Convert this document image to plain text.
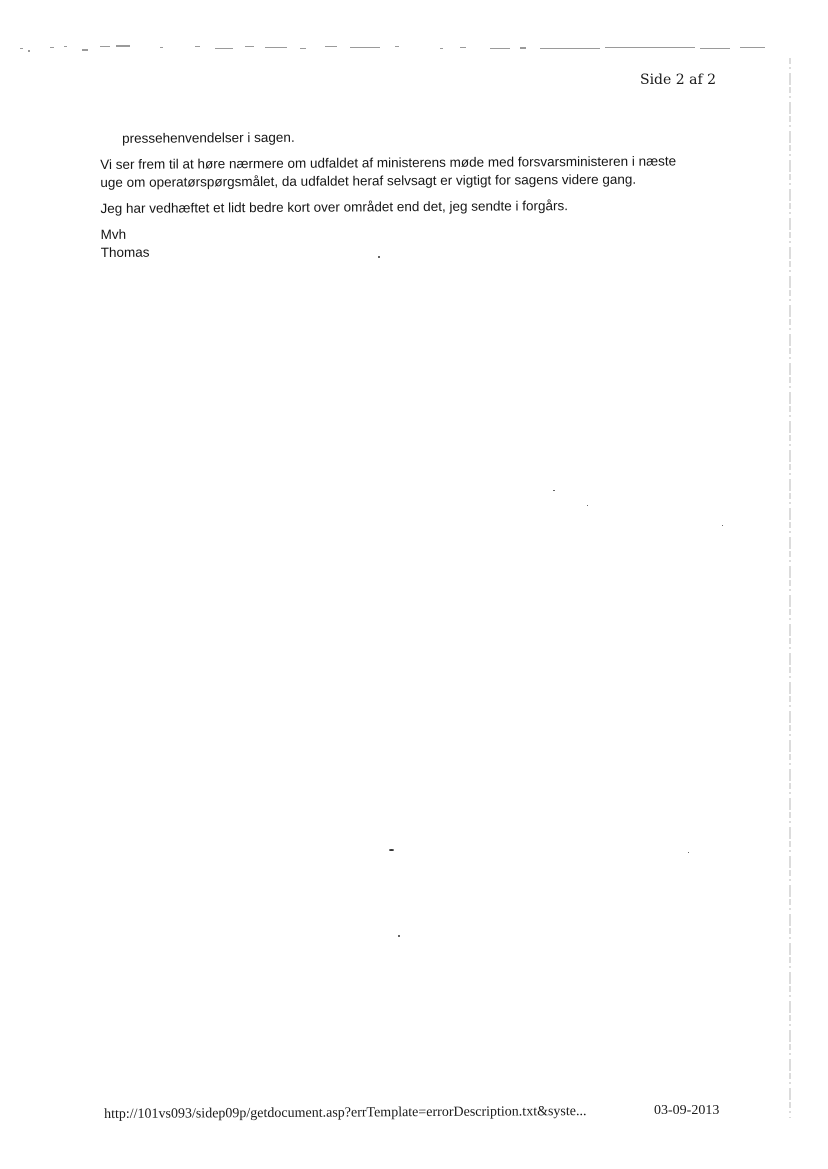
Side 2 af 2

pressehenvendelser i sagen.

Vi ser frem til at høre nærmere om udfaldet af ministerens møde med forsvarsministeren i næste
uge om operatørspørgsmålet, da udfaldet heraf selvsagt er vigtigt for sagens videre gang.

Jeg har vedhæftet et lidt bedre kort over området end det, jeg sendte i forgårs.

Mvh
Thomas

http://101vs093/sidep09p/getdocument.asp?errTemplate=errorDescription.txt&syste...	03-09-2013
